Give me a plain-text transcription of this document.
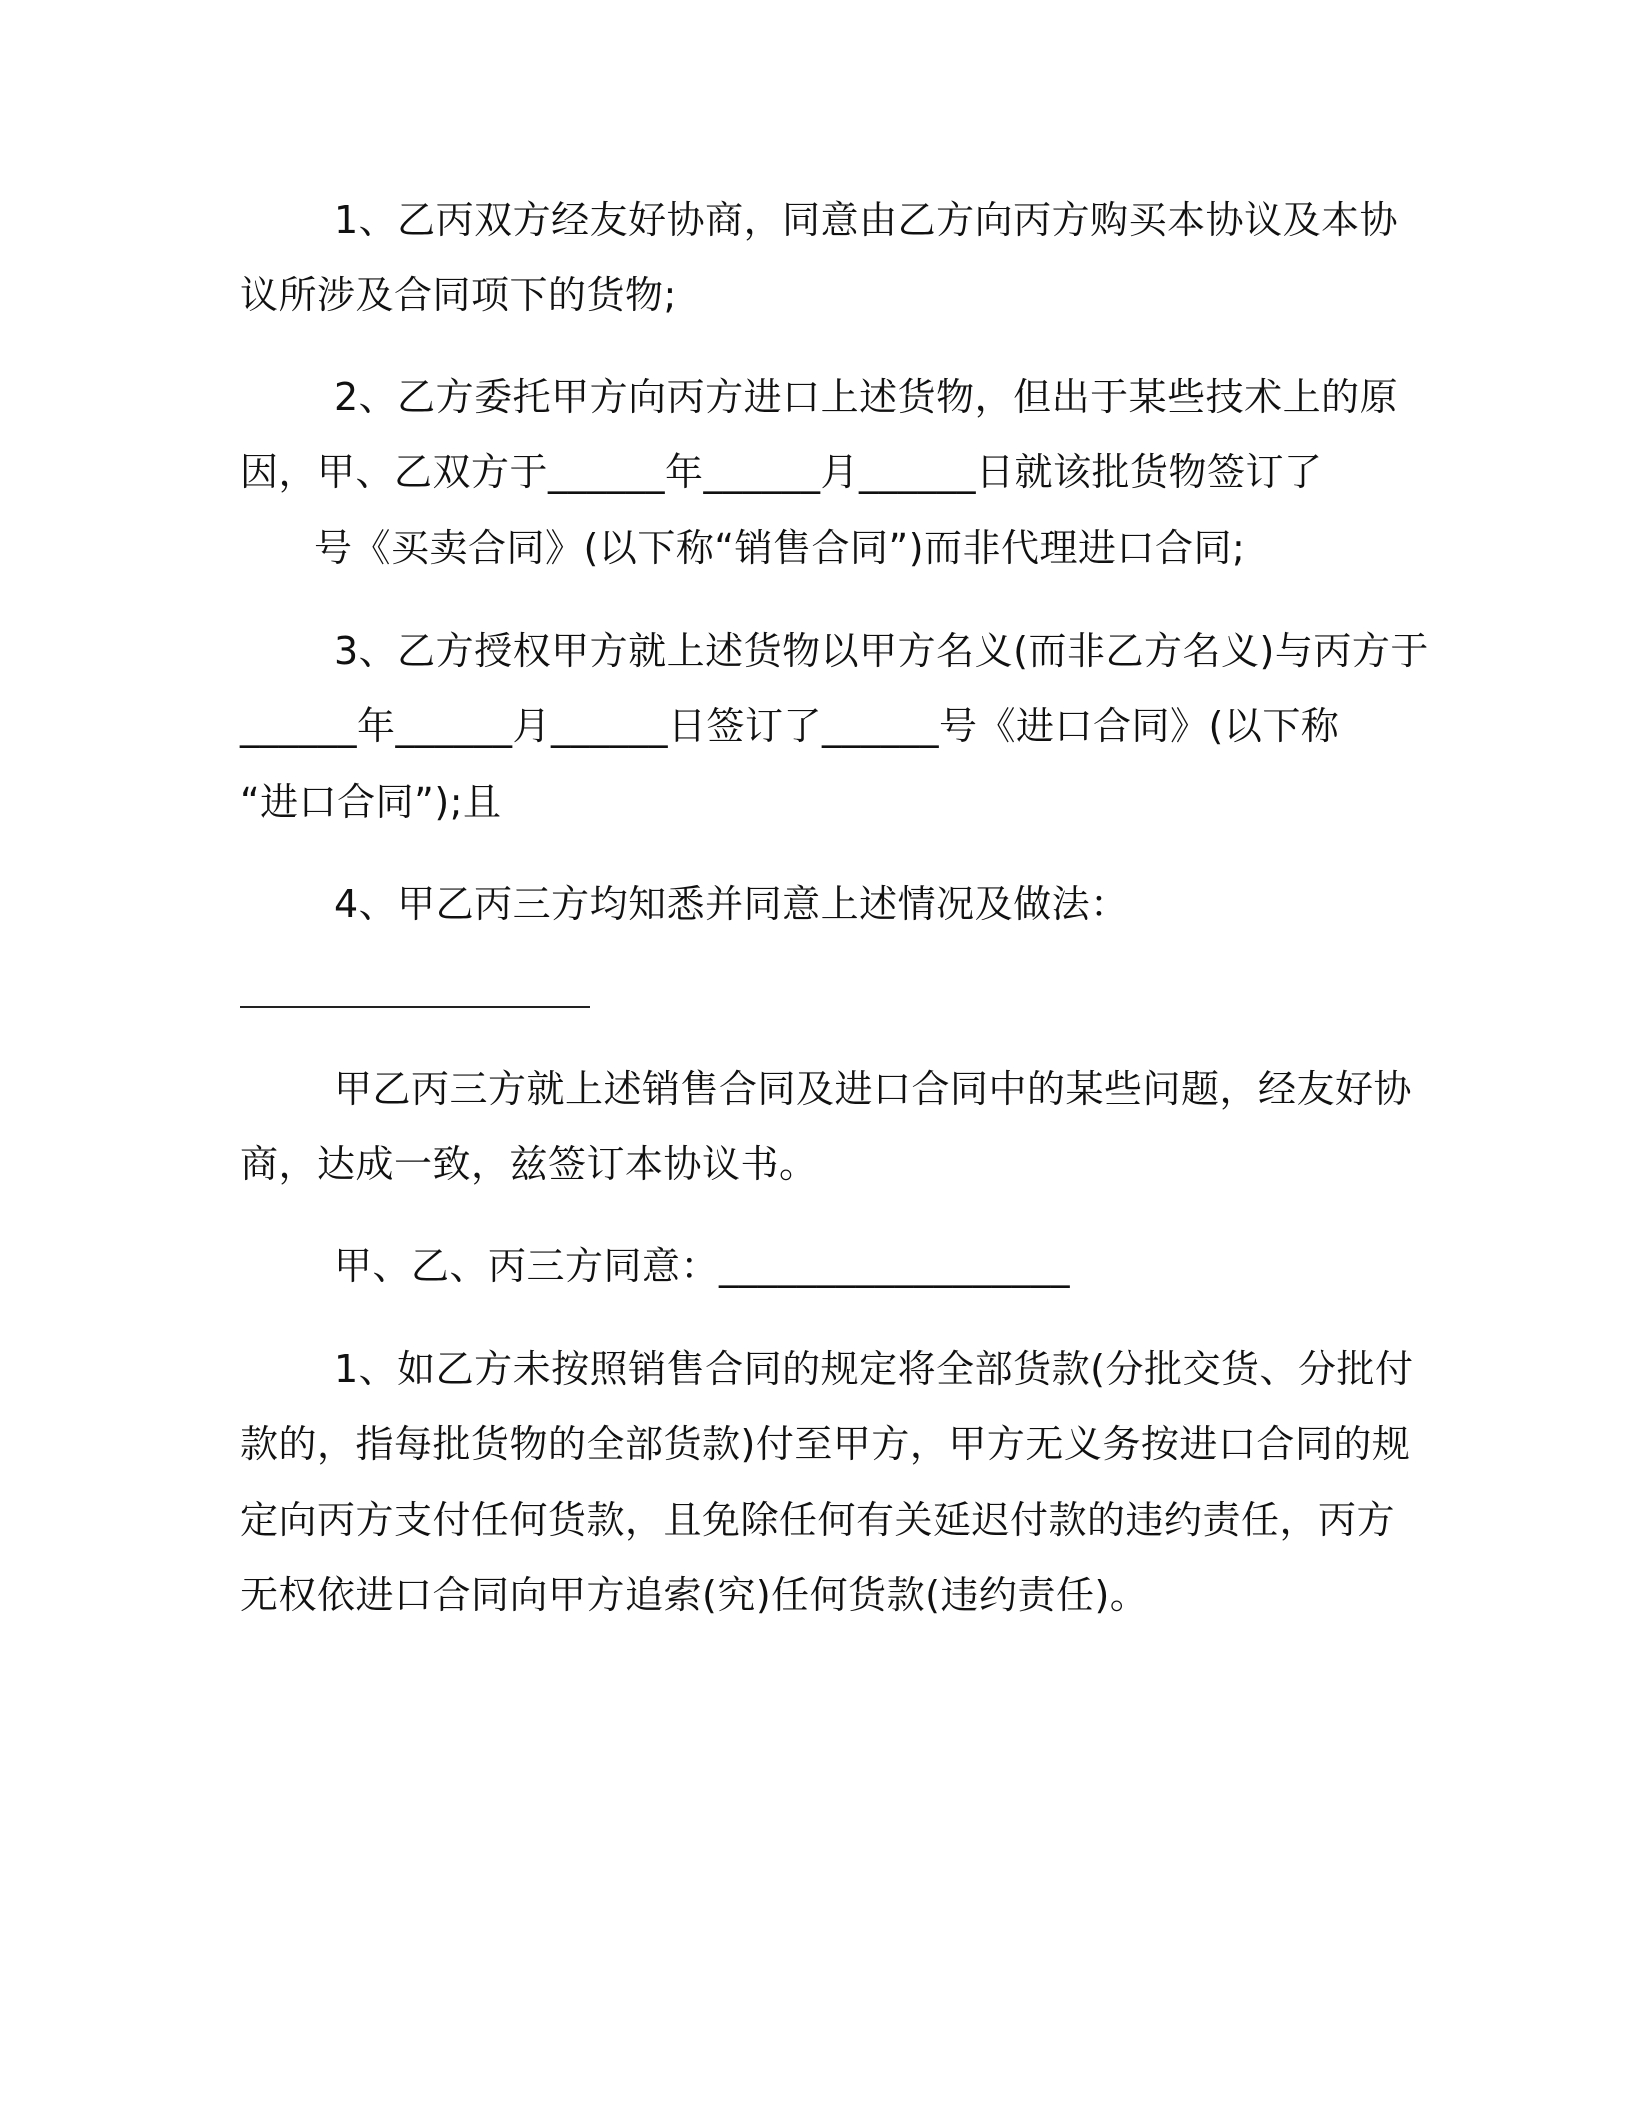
1、乙丙双方经友好协商，同意由乙方向丙方购买本协议及本协

议所涉及合同项下的货物;

2、乙方委托甲方向丙方进口上述货物，但出于某些技术上的原

因，甲、乙双方于______年______月______日就该批货物签订了

号《买卖合同》(以下称“销售合同”)而非代理进口合同;

3、乙方授权甲方就上述货物以甲方名义(而非乙方名义)与丙方于

______年______月______日签订了______号《进口合同》(以下称

“进口合同”);且

4、甲乙丙三方均知悉并同意上述情况及做法：

甲乙丙三方就上述销售合同及进口合同中的某些问题，经友好协

商，达成一致，兹签订本协议书。

甲、乙、丙三方同意：__________________

1、如乙方未按照销售合同的规定将全部货款(分批交货、分批付

款的，指每批货物的全部货款)付至甲方，甲方无义务按进口合同的规

定向丙方支付任何货款，且免除任何有关延迟付款的违约责任，丙方

无权依进口合同向甲方追索(究)任何货款(违约责任)。
